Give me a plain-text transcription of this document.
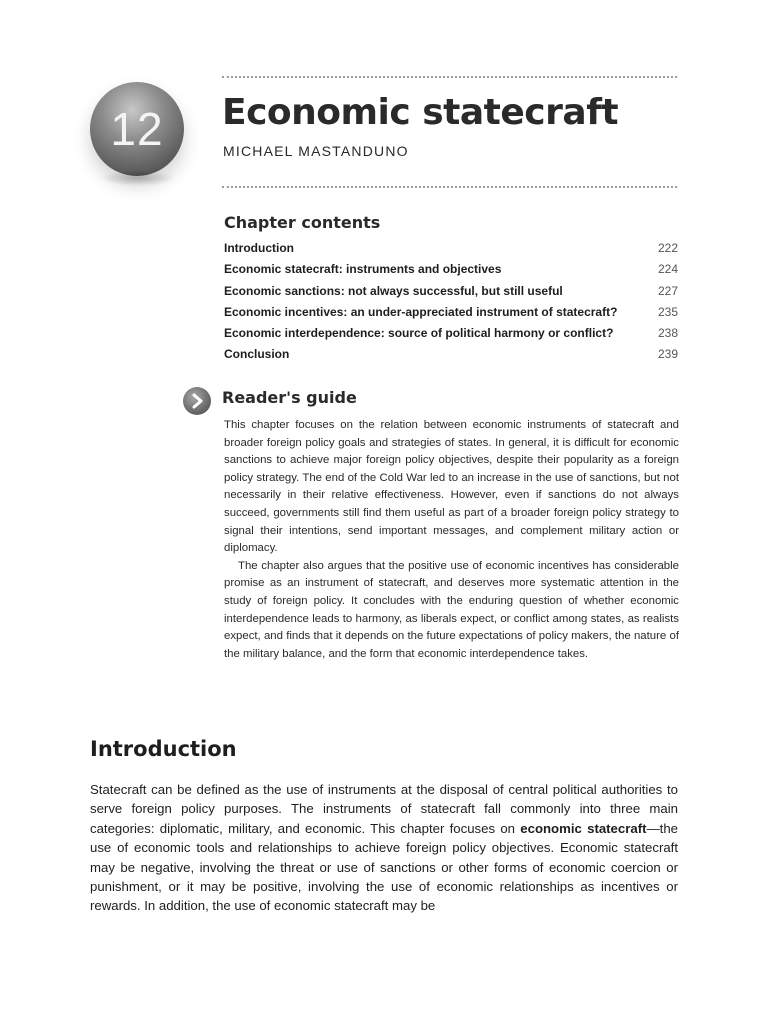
12	Economic statecraft
MICHAEL MASTANDUNO
Chapter contents
Introduction	222
Economic statecraft: instruments and objectives	224
Economic sanctions: not always successful, but still useful	227
Economic incentives: an under-appreciated instrument of statecraft?	235
Economic interdependence: source of political harmony or conflict?	238
Conclusion	239
Reader's guide

This chapter focuses on the relation between economic instruments of statecraft and broader foreign policy goals and strategies of states. In general, it is difficult for economic sanctions to achieve major foreign policy objectives, despite their popularity as a foreign policy strategy. The end of the Cold War led to an increase in the use of sanctions, but not necessarily in their relative effectiveness. However, even if sanctions do not always succeed, governments still find them useful as part of a broader foreign policy strategy to signal their intentions, send important messages, and complement military action or diplomacy.

The chapter also argues that the positive use of economic incentives has considerable promise as an instrument of statecraft, and deserves more systematic attention in the study of foreign policy. It concludes with the enduring question of whether economic interdependence leads to harmony, as liberals expect, or conflict among states, as realists expect, and finds that it depends on the future expectations of policy makers, the nature of the military balance, and the form that economic interdependence takes.

Introduction

Statecraft can be defined as the use of instruments at the disposal of central political authorities to serve foreign policy purposes. The instruments of statecraft fall commonly into three main categories: diplomatic, military, and economic. This chapter focuses on economic statecraft—the use of economic tools and relationships to achieve foreign policy objectives. Economic statecraft may be negative, involving the threat or use of sanctions or other forms of economic coercion or punishment, or it may be positive, involving the use of economic relationships as incentives or rewards. In addition, the use of economic statecraft may be
